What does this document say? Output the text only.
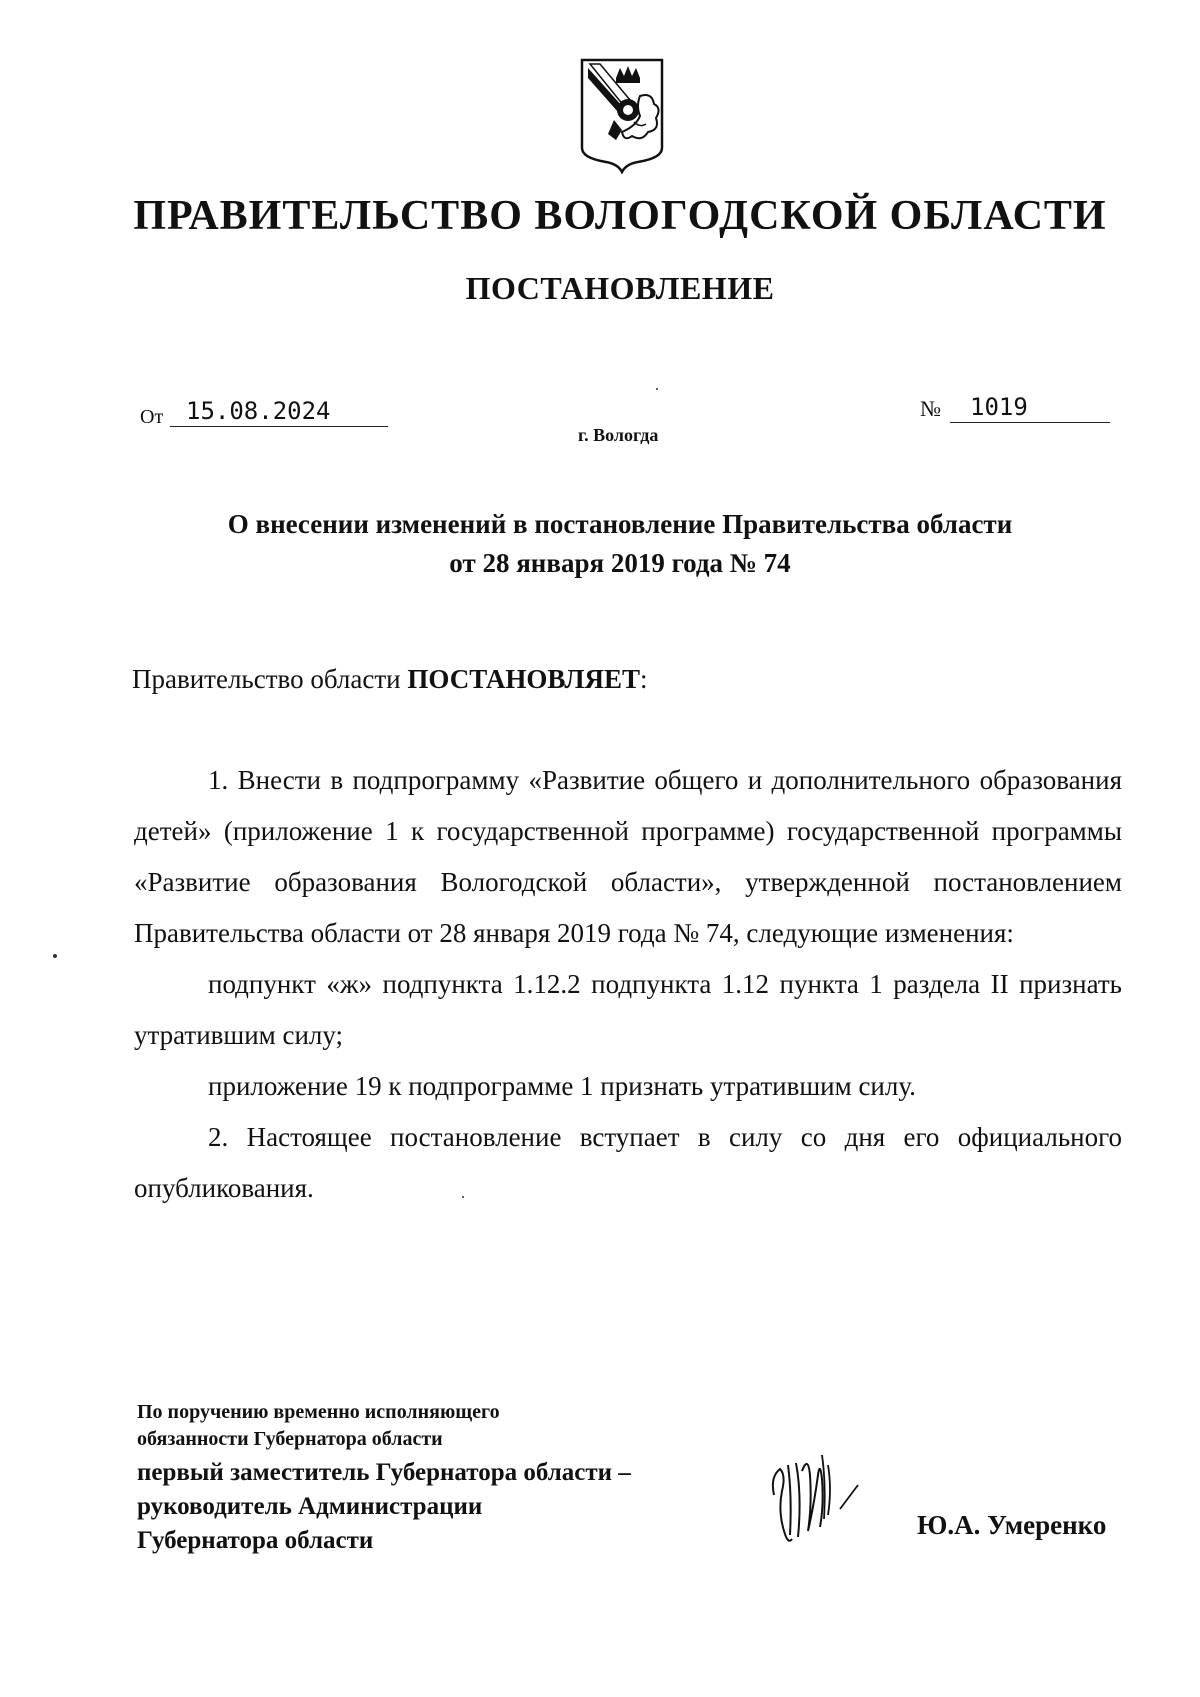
ПРАВИТЕЛЬСТВО ВОЛОГОДСКОЙ ОБЛАСТИ
ПОСТАНОВЛЕНИЕ
От 15.08.2024	№	1019
г. Вологда
О внесении изменений в постановление Правительства области
от 28 января 2019 года № 74
Правительство области ПОСТАНОВЛЯЕТ:

1. Внести в подпрограмму «Развитие общего и дополнительного образования детей» (приложение 1 к государственной программе) государственной программы «Развитие образования Вологодской области», утвержденной постановлением Правительства области от 28 января 2019 года № 74, следующие изменения:

подпункт «ж» подпункта 1.12.2 подпункта 1.12 пункта 1 раздела II признать утратившим силу;

приложение 19 к подпрограмме 1 признать утратившим силу.

2. Настоящее постановление вступает в силу со дня его официального опубликования.

По поручению временно исполняющего
обязанности Губернатора области
первый заместитель Губернатора области –
руководитель Администрации
Губернатора области
Ю.А. Умеренко
